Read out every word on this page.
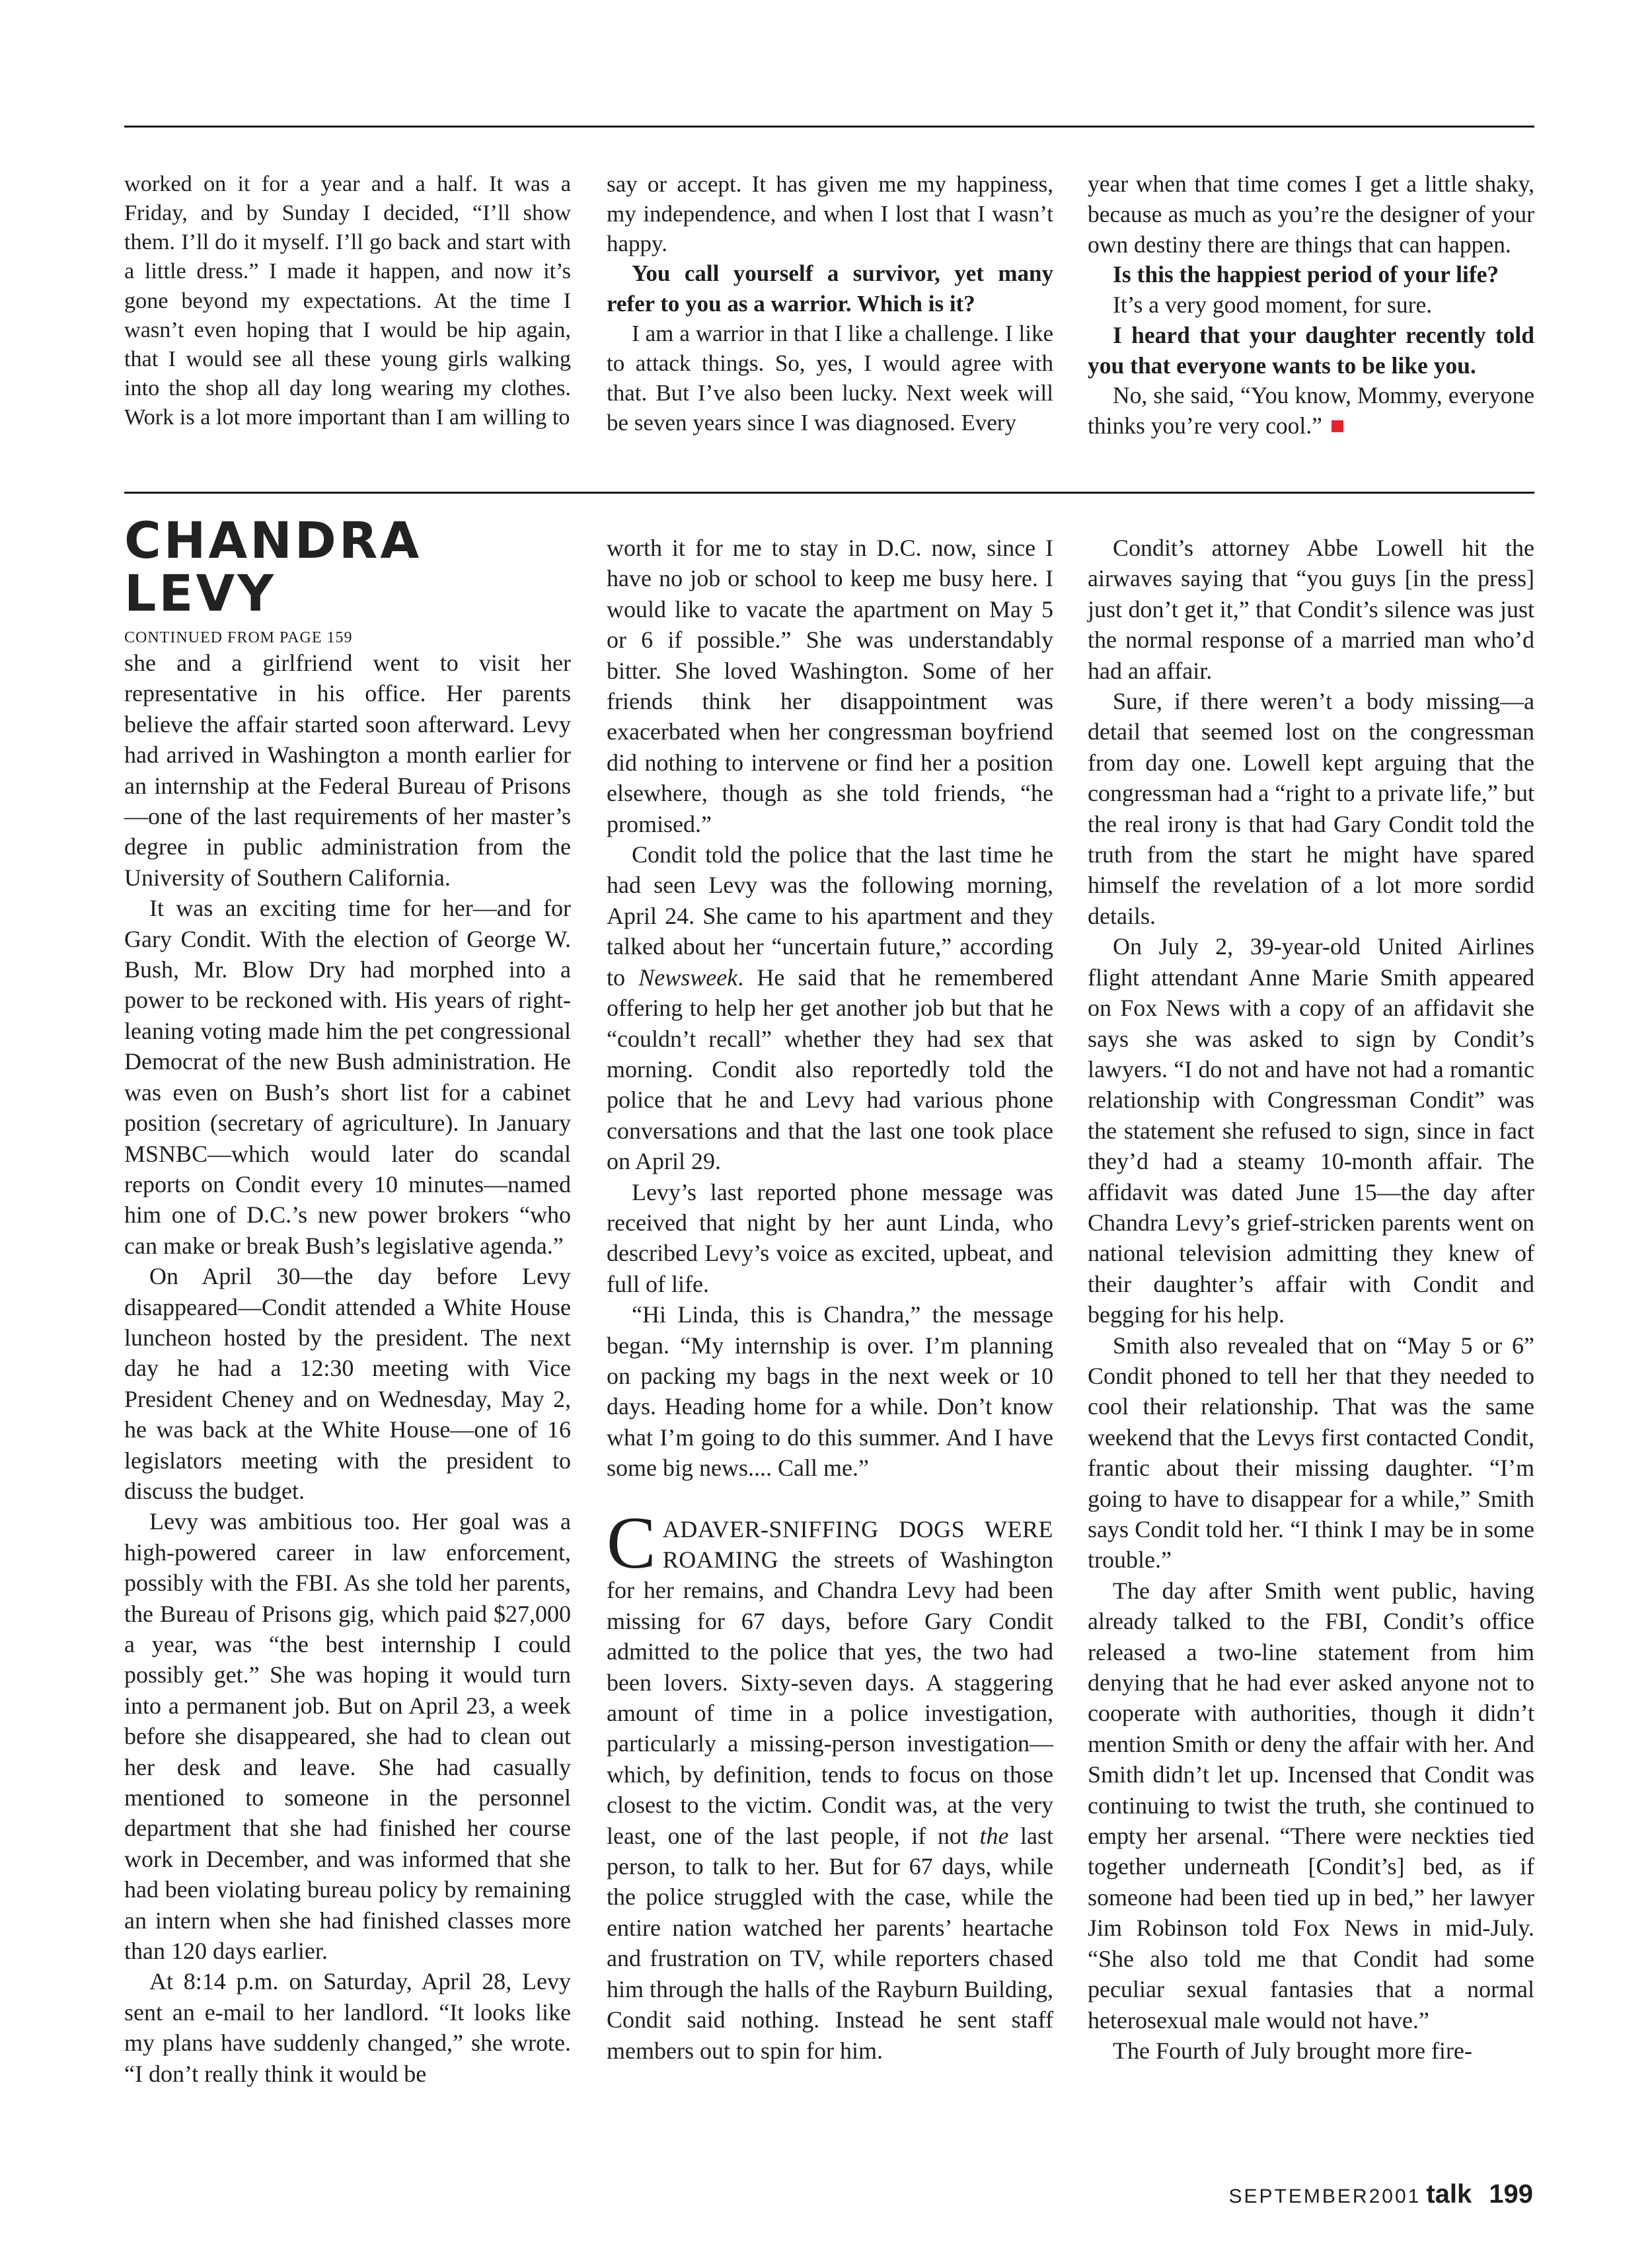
worked on it for a year and a half. It was a Friday, and by Sunday I decided, “I’ll show them. I’ll do it myself. I’ll go back and start with a little dress.” I made it happen, and now it’s gone beyond my expectations. At the time I wasn’t even hoping that I would be hip again, that I would see all these young girls walking into the shop all day long wearing my clothes. Work is a lot more important than I am willing to

say or accept. It has given me my happiness, my independence, and when I lost that I wasn’t happy.

You call yourself a survivor, yet many refer to you as a warrior. Which is it?

I am a warrior in that I like a challenge. I like to attack things. So, yes, I would agree with that. But I’ve also been lucky. Next week will be seven years since I was diagnosed. Every

year when that time comes I get a little shaky, because as much as you’re the designer of your own destiny there are things that can happen.

Is this the happiest period of your life?

It’s a very good moment, for sure.

I heard that your daughter recently told you that everyone wants to be like you.

No, she said, “You know, Mommy, everyone thinks you’re very cool.”

CHANDRA LEVY

CONTINUED FROM PAGE 159

she and a girlfriend went to visit her representative in his office. Her parents believe the affair started soon afterward. Levy had arrived in Washington a month earlier for an internship at the Federal Bureau of Prisons—one of the last requirements of her master’s degree in public administration from the University of Southern California.

It was an exciting time for her—and for Gary Condit. With the election of George W. Bush, Mr. Blow Dry had morphed into a power to be reckoned with. His years of right-leaning voting made him the pet congressional Democrat of the new Bush administration. He was even on Bush’s short list for a cabinet position (secretary of agriculture). In January MSNBC—which would later do scandal reports on Condit every 10 minutes—named him one of D.C.’s new power brokers “who can make or break Bush’s legislative agenda.”

On April 30—the day before Levy disappeared—Condit attended a White House luncheon hosted by the president. The next day he had a 12:30 meeting with Vice President Cheney and on Wednesday, May 2, he was back at the White House—one of 16 legislators meeting with the president to discuss the budget.

Levy was ambitious too. Her goal was a high-powered career in law enforcement, possibly with the FBI. As she told her parents, the Bureau of Prisons gig, which paid $27,000 a year, was “the best internship I could possibly get.” She was hoping it would turn into a permanent job. But on April 23, a week before she disappeared, she had to clean out her desk and leave. She had casually mentioned to someone in the personnel department that she had finished her course work in December, and was informed that she had been violating bureau policy by remaining an intern when she had finished classes more than 120 days earlier.

At 8:14 p.m. on Saturday, April 28, Levy sent an e-mail to her landlord. “It looks like my plans have suddenly changed,” she wrote. “I don’t really think it would be

worth it for me to stay in D.C. now, since I have no job or school to keep me busy here. I would like to vacate the apartment on May 5 or 6 if possible.” She was understandably bitter. She loved Washington. Some of her friends think her disappointment was exacerbated when her congressman boyfriend did nothing to intervene or find her a position elsewhere, though as she told friends, “he promised.”

Condit told the police that the last time he had seen Levy was the following morning, April 24. She came to his apartment and they talked about her “uncertain future,” according to Newsweek. He said that he remembered offering to help her get another job but that he “couldn’t recall” whether they had sex that morning. Condit also reportedly told the police that he and Levy had various phone conversations and that the last one took place on April 29.

Levy’s last reported phone message was received that night by her aunt Linda, who described Levy’s voice as excited, upbeat, and full of life.

“Hi Linda, this is Chandra,” the message began. “My internship is over. I’m planning on packing my bags in the next week or 10 days. Heading home for a while. Don’t know what I’m going to do this summer. And I have some big news.... Call me.”

CADAVER-SNIFFING DOGS WERE ROAMING the streets of Washington for her remains, and Chandra Levy had been missing for 67 days, before Gary Condit admitted to the police that yes, the two had been lovers. Sixty-seven days. A staggering amount of time in a police investigation, particularly a missing-person investigation—which, by definition, tends to focus on those closest to the victim. Condit was, at the very least, one of the last people, if not the last person, to talk to her. But for 67 days, while the police struggled with the case, while the entire nation watched her parents’ heartache and frustration on TV, while reporters chased him through the halls of the Rayburn Building, Condit said nothing. Instead he sent staff members out to spin for him.

Condit’s attorney Abbe Lowell hit the airwaves saying that “you guys [in the press] just don’t get it,” that Condit’s silence was just the normal response of a married man who’d had an affair.

Sure, if there weren’t a body missing—a detail that seemed lost on the congressman from day one. Lowell kept arguing that the congressman had a “right to a private life,” but the real irony is that had Gary Condit told the truth from the start he might have spared himself the revelation of a lot more sordid details.

On July 2, 39-year-old United Airlines flight attendant Anne Marie Smith appeared on Fox News with a copy of an affidavit she says she was asked to sign by Condit’s lawyers. “I do not and have not had a romantic relationship with Congressman Condit” was the statement she refused to sign, since in fact they’d had a steamy 10-month affair. The affidavit was dated June 15—the day after Chandra Levy’s grief-stricken parents went on national television admitting they knew of their daughter’s affair with Condit and begging for his help.

Smith also revealed that on “May 5 or 6” Condit phoned to tell her that they needed to cool their relationship. That was the same weekend that the Levys first contacted Condit, frantic about their missing daughter. “I’m going to have to disappear for a while,” Smith says Condit told her. “I think I may be in some trouble.”

The day after Smith went public, having already talked to the FBI, Condit’s office released a two-line statement from him denying that he had ever asked anyone not to cooperate with authorities, though it didn’t mention Smith or deny the affair with her. And Smith didn’t let up. Incensed that Condit was continuing to twist the truth, she continued to empty her arsenal. “There were neckties tied together underneath [Condit’s] bed, as if someone had been tied up in bed,” her lawyer Jim Robinson told Fox News in mid-July. “She also told me that Condit had some peculiar sexual fantasies that a normal heterosexual male would not have.”

The Fourth of July brought more fire-

SEPTEMBER2001 talk 199
